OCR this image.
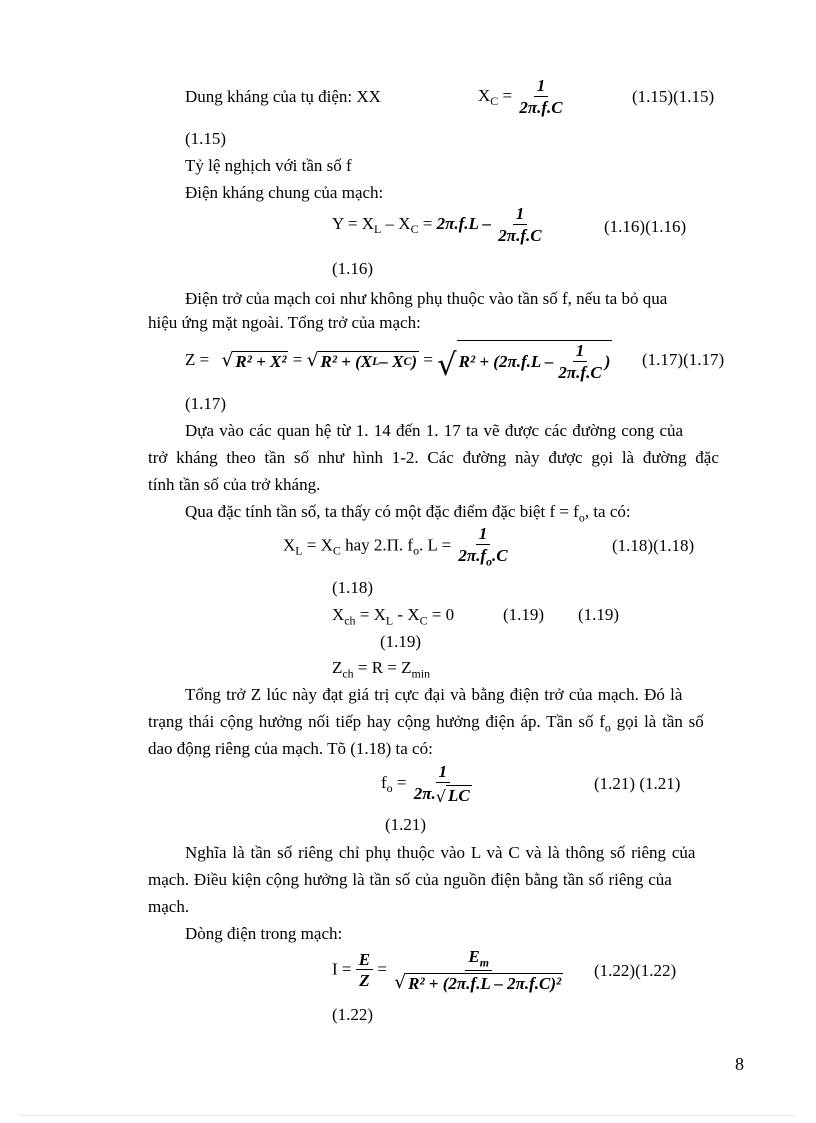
Dung kháng của tụ điện: XX	$X_C = \frac{1}{2\pi.f.C}$	(1.15)(1.15)
(1.15)
Tỷ lệ nghịch với tần số f
Điện kháng chung của mạch:
$Y = X_L - X_C = 2\pi.f.L - \frac{1}{2\pi.f.C}$	(1.16)(1.16)
(1.16)
Điện trở của mạch coi như không phụ thuộc vào tần số f, nếu ta bỏ qua
hiệu ứng mặt ngoài. Tổng trở của mạch:
Z = √ R² + X² = √ R² + (X L – X C ) = √ $R^2 + (2\pi.f.L - \frac{1}{2\pi.f.C}$ ) (1.17)(1.17)
(1.17)
Dựa vào các quan hệ từ 1. 14 đến 1. 17 ta vẽ được các đường cong của
trở kháng theo tần số như hình 1-2. Các đường này được gọi là đường đặc
tính tần số của trở kháng.
Qua đặc tính tần số, ta thấy có một đặc điểm đặc biệt $f = f_o$, ta có:
$X_L = X_C$ hay 2.Π. $f_o$. $L = \frac{1}{2\pi.f_o.C}$	(1.18)(1.18)
(1.18)
$X_{ch} = X_L - X_C = 0$	(1.19) (1.19)
(1.19)
$Z_{ch} = R = Z_{min}$
Tổng trở Z lúc này đạt giá trị cực đại và bằng điện trở của mạch. Đó là
trạng thái cộng hưởng nối tiếp hay cộng hưởng điện áp. Tần số $f_o$ gọi là tần số
dao động riêng của mạch. Tõ (1.18) ta có:
$f_o = \frac{1}{2\pi. √ LC}$	(1.21) (1.21)
(1.21)
Nghĩa là tần số riêng chỉ phụ thuộc vào L và C và là thông số riêng của
mạch. Điều kiện cộng hưởng là tần số của nguồn điện bằng tần số riêng của
mạch.
Dòng điện trong mạch:
$I = \frac{E}{Z} = \frac{E_m}{\text{√ R² + (2π.f.L – 2π.f.C)²}} (1.22)(1.22)$
(1.22)
8
